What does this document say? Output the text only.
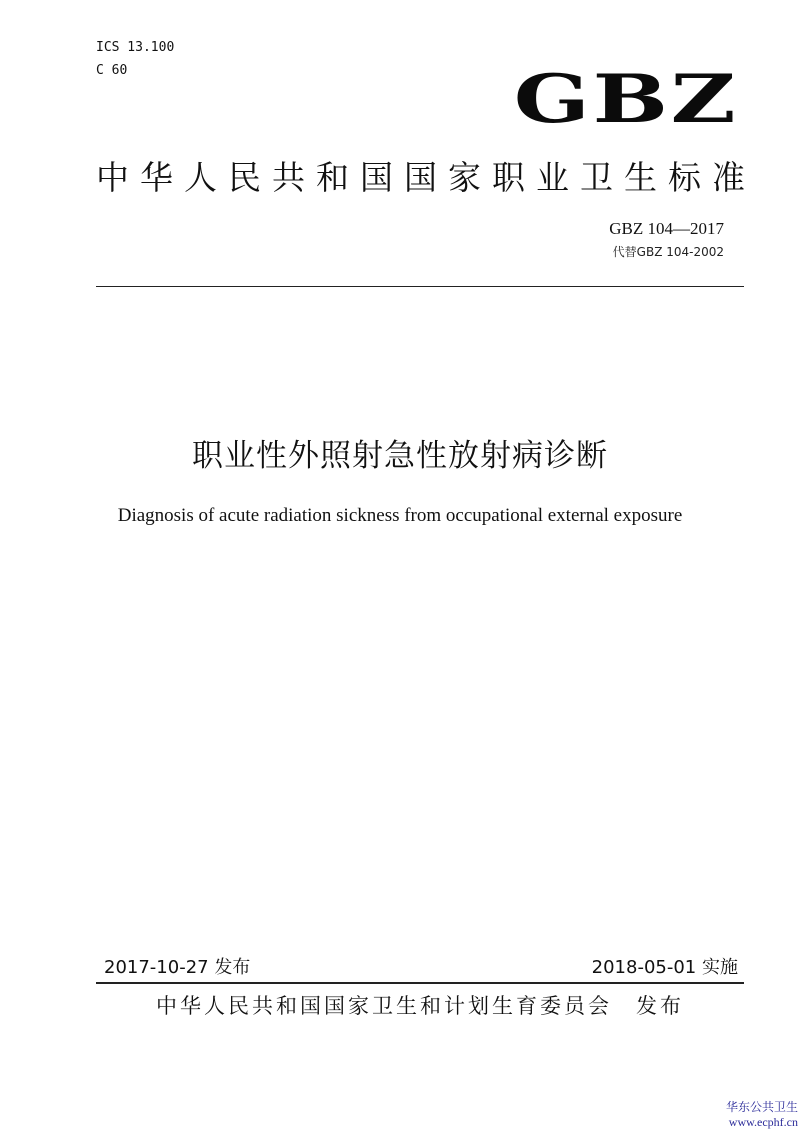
ICS 13.100
C 60	GBZ
中华人民共和国国家职业卫生标准
GBZ 104—2017
代替GBZ 104-2002
职业性外照射急性放射病诊断
Diagnosis of acute radiation sickness from occupational external exposure
2017-10-27 发布	2018-05-01 实施
中华人民共和国国家卫生和计划生育委员会 发布
华东公共卫生
www.ecphf.cn
